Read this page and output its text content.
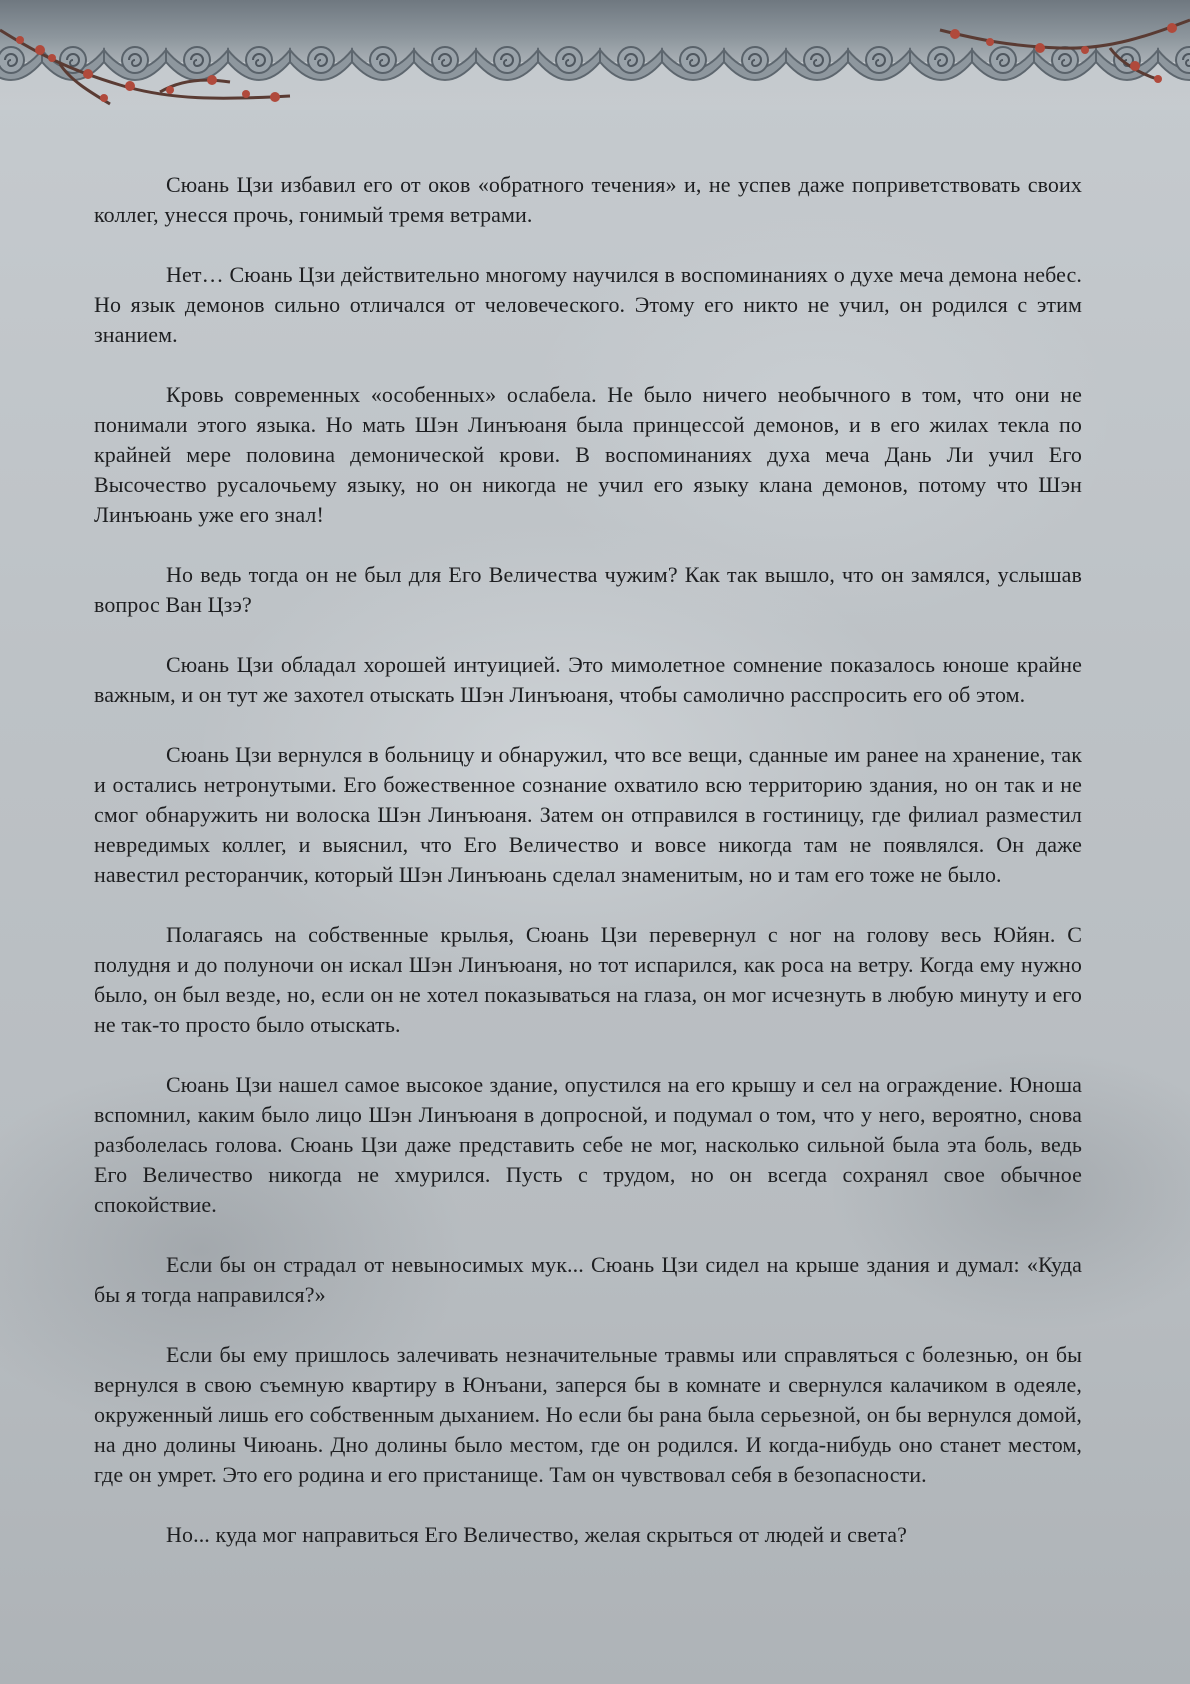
Сюань Цзи избавил его от оков «обратного течения» и, не успев даже поприветствовать своих коллег, унесся прочь, гонимый тремя ветрами.

Нет… Сюань Цзи действительно многому научился в воспоминаниях о духе меча демона небес. Но язык демонов сильно отличался от человеческого. Этому его никто не учил, он родился с этим знанием.

Кровь современных «особенных» ослабела. Не было ничего необычного в том, что они не понимали этого языка. Но мать Шэн Линъюаня была принцессой демонов, и в его жилах текла по крайней мере половина демонической крови. В воспоминаниях духа меча Дань Ли учил Его Высочество русалочьему языку, но он никогда не учил его языку клана демонов, потому что Шэн Линъюань уже его знал!

Но ведь тогда он не был для Его Величества чужим? Как так вышло, что он замялся, услышав вопрос Ван Цзэ?

Сюань Цзи обладал хорошей интуицией. Это мимолетное сомнение показалось юноше крайне важным, и он тут же захотел отыскать Шэн Линъюаня, чтобы самолично расспросить его об этом.

Сюань Цзи вернулся в больницу и обнаружил, что все вещи, сданные им ранее на хранение, так и остались нетронутыми. Его божественное сознание охватило всю территорию здания, но он так и не смог обнаружить ни волоска Шэн Линъюаня. Затем он отправился в гостиницу, где филиал разместил невредимых коллег, и выяснил, что Его Величество и вовсе никогда там не появлялся. Он даже навестил ресторанчик, который Шэн Линъюань сделал знаменитым, но и там его тоже не было.

Полагаясь на собственные крылья, Сюань Цзи перевернул с ног на голову весь Юйян. С полудня и до полуночи он искал Шэн Линъюаня, но тот испарился, как роса на ветру. Когда ему нужно было, он был везде, но, если он не хотел показываться на глаза, он мог исчезнуть в любую минуту и его не так-то просто было отыскать.

Сюань Цзи нашел самое высокое здание, опустился на его крышу и сел на ограждение. Юноша вспомнил, каким было лицо Шэн Линъюаня в допросной, и подумал о том, что у него, вероятно, снова разболелась голова. Сюань Цзи даже представить себе не мог, насколько сильной была эта боль, ведь Его Величество никогда не хмурился. Пусть с трудом, но он всегда сохранял свое обычное спокойствие.

Если бы он страдал от невыносимых мук... Сюань Цзи сидел на крыше здания и думал: «Куда бы я тогда направился?»

Если бы ему пришлось залечивать незначительные травмы или справляться с болезнью, он бы вернулся в свою съемную квартиру в Юнъани, заперся бы в комнате и свернулся калачиком в одеяле, окруженный лишь его собственным дыханием. Но если бы рана была серьезной, он бы вернулся домой, на дно долины Чиюань. Дно долины было местом, где он родился. И когда-нибудь оно станет местом, где он умрет. Это его родина и его пристанище. Там он чувствовал себя в безопасности.

Но... куда мог направиться Его Величество, желая скрыться от людей и света?
